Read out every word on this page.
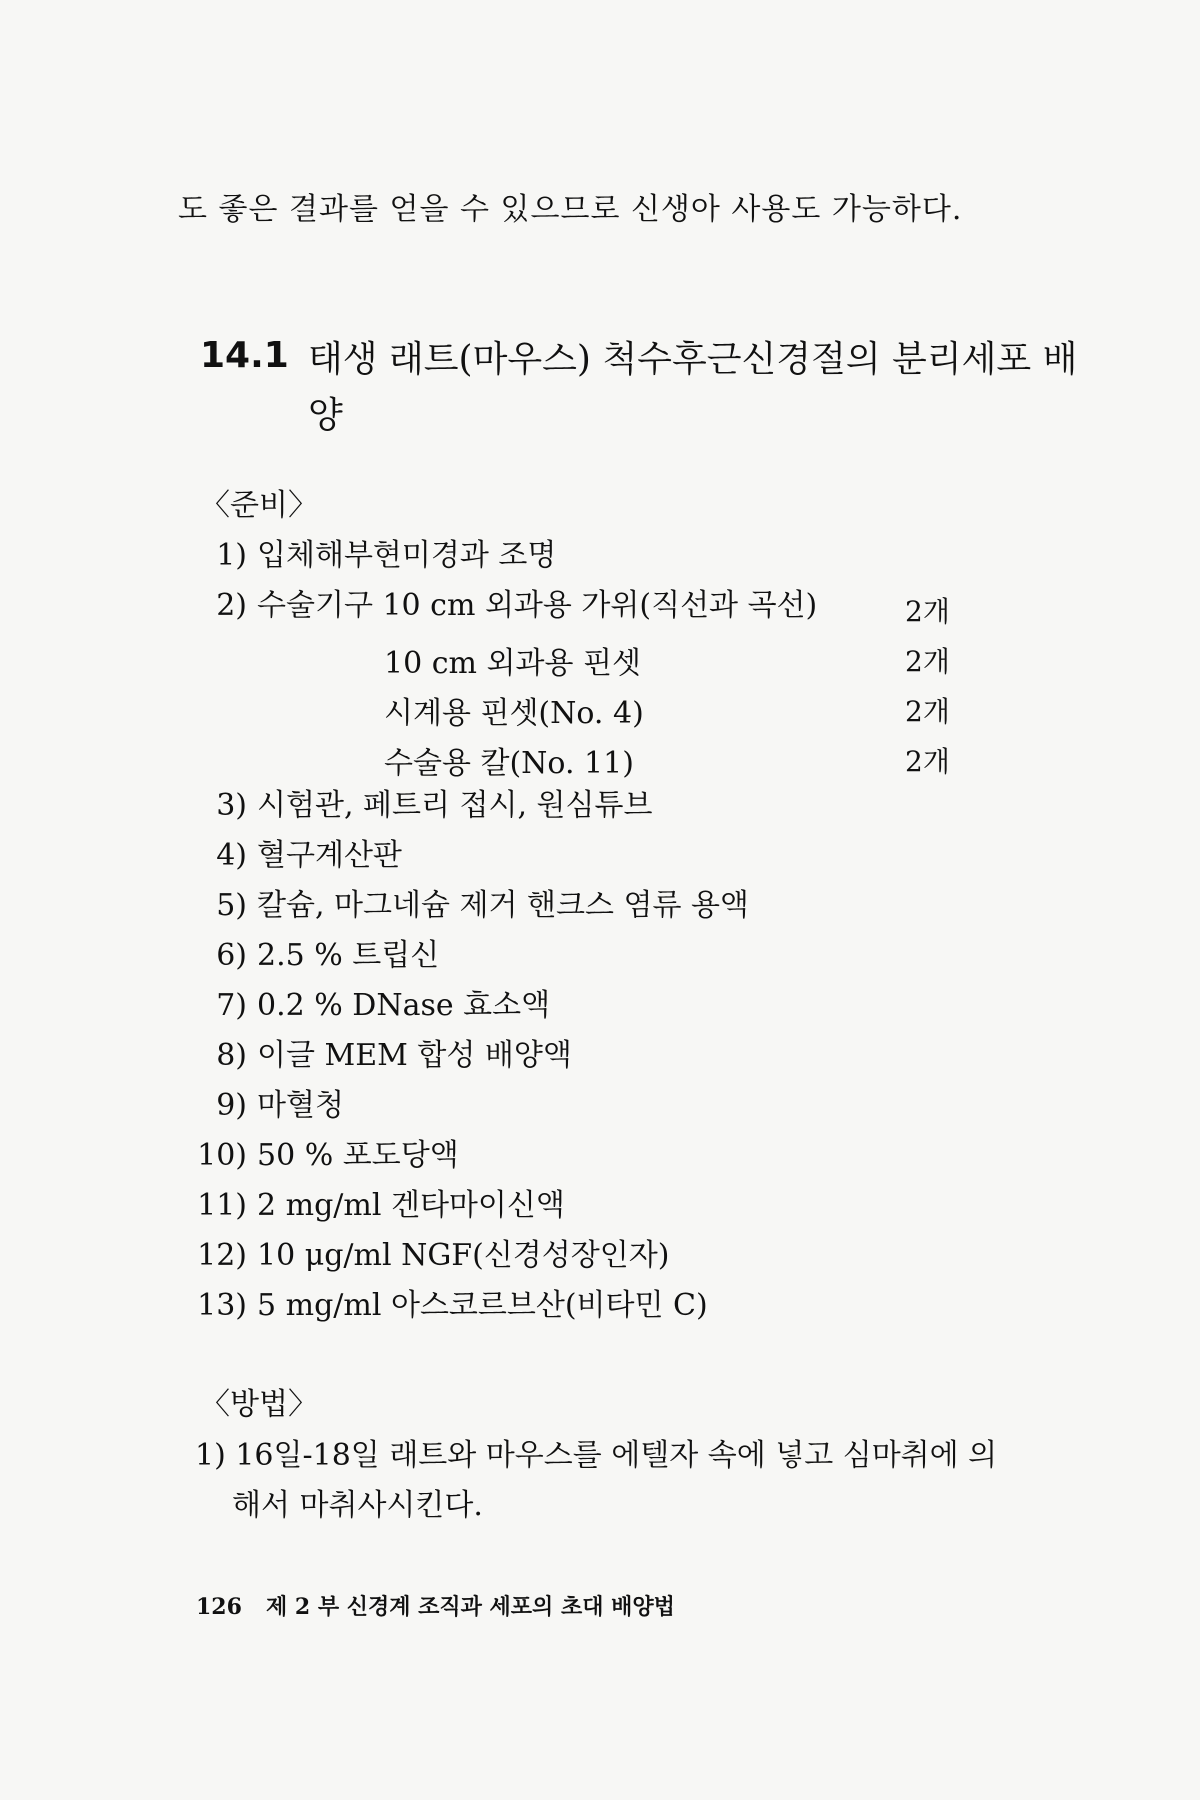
도 좋은 결과를 얻을 수 있으므로 신생아 사용도 가능하다.
14.1 태생 래트(마우스) 척수후근신경절의 분리세포 배양
〈준비〉
1) 입체해부현미경과 조명
2) 수술기구 10 cm 외과용 가위(직선과 곡선)	2개
10 cm 외과용 핀셋	2개
시계용 핀셋(No. 4)	2개
수술용 칼(No. 11)	2개
3) 시험관, 페트리 접시, 원심튜브
4) 혈구계산판
5) 칼슘, 마그네슘 제거 핸크스 염류 용액
6) 2.5 % 트립신
7) 0.2 % DNase 효소액
8) 이글 MEM 합성 배양액
9) 마혈청
10) 50 % 포도당액
11) 2 mg/ml 겐타마이신액
12) 10 μg/ml NGF(신경성장인자)
13) 5 mg/ml 아스코르브산(비타민 C)
〈방법〉
1) 16일-18일 래트와 마우스를 에텔자 속에 넣고 심마취에 의
해서 마취사시킨다.
126 제 2 부 신경계 조직과 세포의 초대 배양법
